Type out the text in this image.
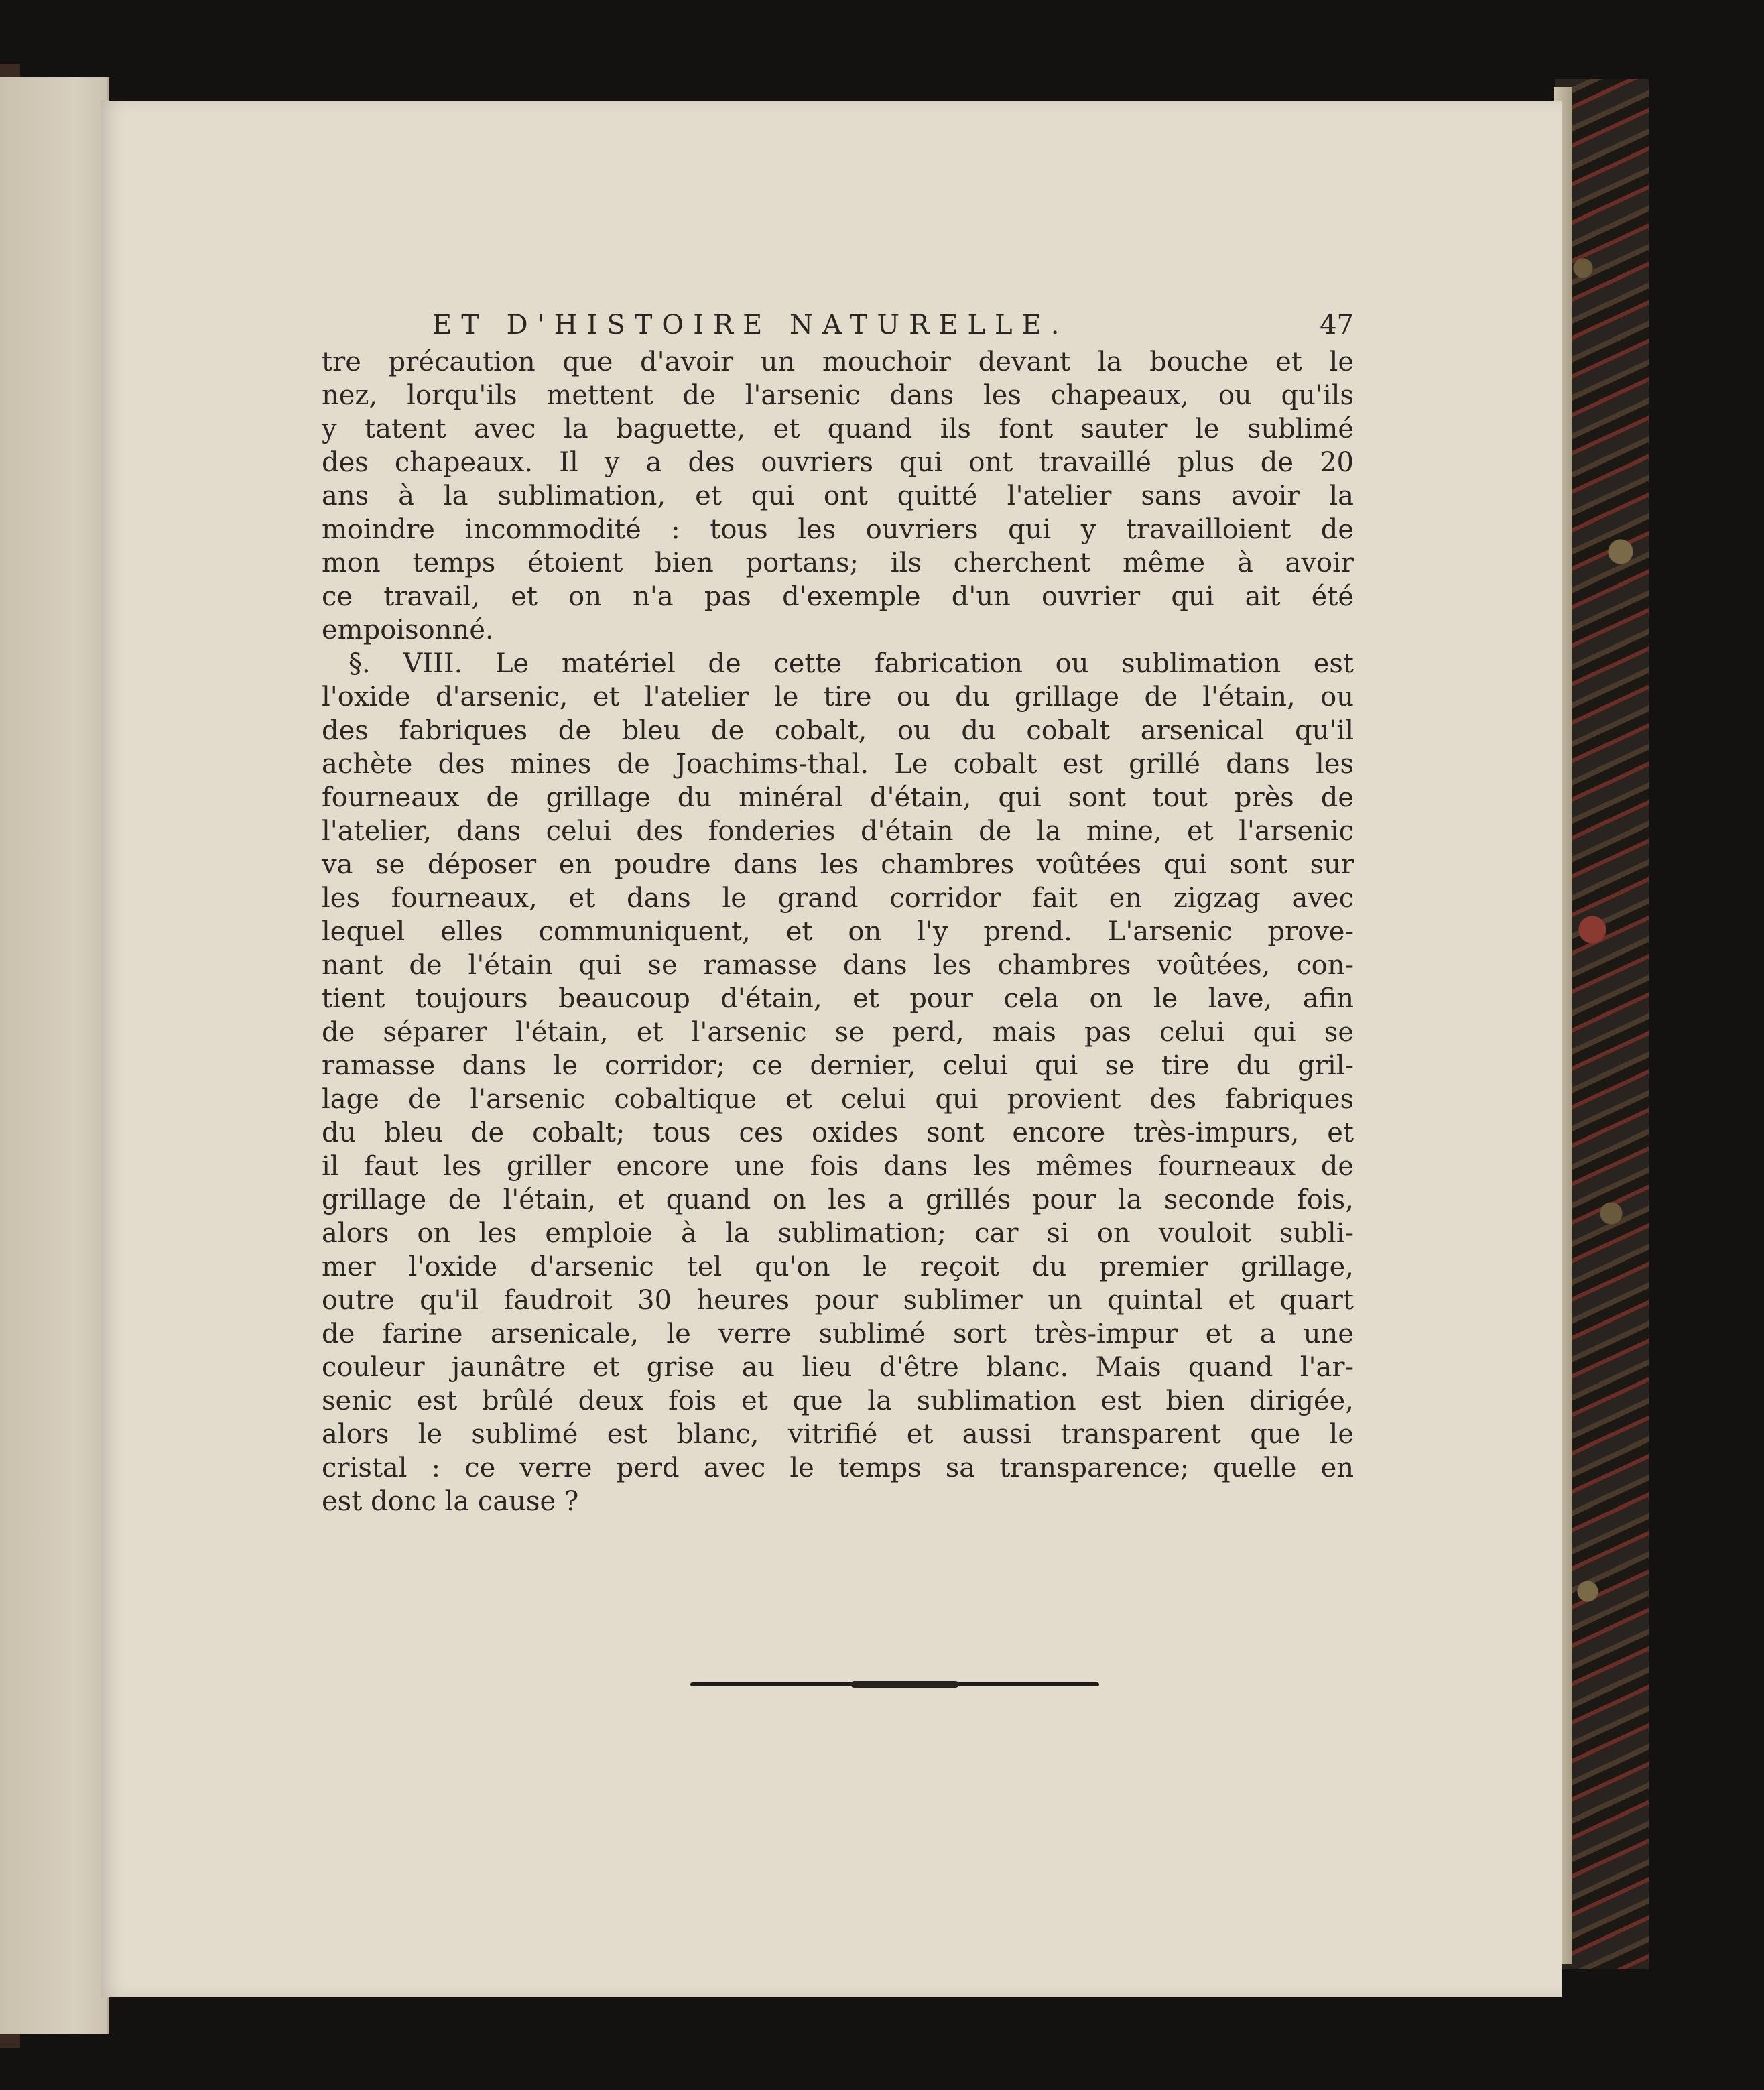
ET D'HISTOIRE NATURELLE.	47
tre précaution que d'avoir un mouchoir devant la bouche et le
nez, lorqu'ils mettent de l'arsenic dans les chapeaux, ou qu'ils
y tatent avec la baguette, et quand ils font sauter le sublimé
des chapeaux. Il y a des ouvriers qui ont travaillé plus de 20
ans à la sublimation, et qui ont quitté l'atelier sans avoir la
moindre incommodité : tous les ouvriers qui y travailloient de
mon temps étoient bien portans; ils cherchent même à avoir
ce travail, et on n'a pas d'exemple d'un ouvrier qui ait été
empoisonné.
§. VIII. Le matériel de cette fabrication ou sublimation est
l'oxide d'arsenic, et l'atelier le tire ou du grillage de l'étain, ou
des fabriques de bleu de cobalt, ou du cobalt arsenical qu'il
achète des mines de Joachims-thal. Le cobalt est grillé dans les
fourneaux de grillage du minéral d'étain, qui sont tout près de
l'atelier, dans celui des fonderies d'étain de la mine, et l'arsenic
va se déposer en poudre dans les chambres voûtées qui sont sur
les fourneaux, et dans le grand corridor fait en zigzag avec
lequel elles communiquent, et on l'y prend. L'arsenic prove-
nant de l'étain qui se ramasse dans les chambres voûtées, con-
tient toujours beaucoup d'étain, et pour cela on le lave, afin
de séparer l'étain, et l'arsenic se perd, mais pas celui qui se
ramasse dans le corridor; ce dernier, celui qui se tire du gril-
lage de l'arsenic cobaltique et celui qui provient des fabriques
du bleu de cobalt; tous ces oxides sont encore très-impurs, et
il faut les griller encore une fois dans les mêmes fourneaux de
grillage de l'étain, et quand on les a grillés pour la seconde fois,
alors on les emploie à la sublimation; car si on vouloit subli-
mer l'oxide d'arsenic tel qu'on le reçoit du premier grillage,
outre qu'il faudroit 30 heures pour sublimer un quintal et quart
de farine arsenicale, le verre sublimé sort très-impur et a une
couleur jaunâtre et grise au lieu d'être blanc. Mais quand l'ar-
senic est brûlé deux fois et que la sublimation est bien dirigée,
alors le sublimé est blanc, vitrifié et aussi transparent que le
cristal : ce verre perd avec le temps sa transparence; quelle en
est donc la cause ?
